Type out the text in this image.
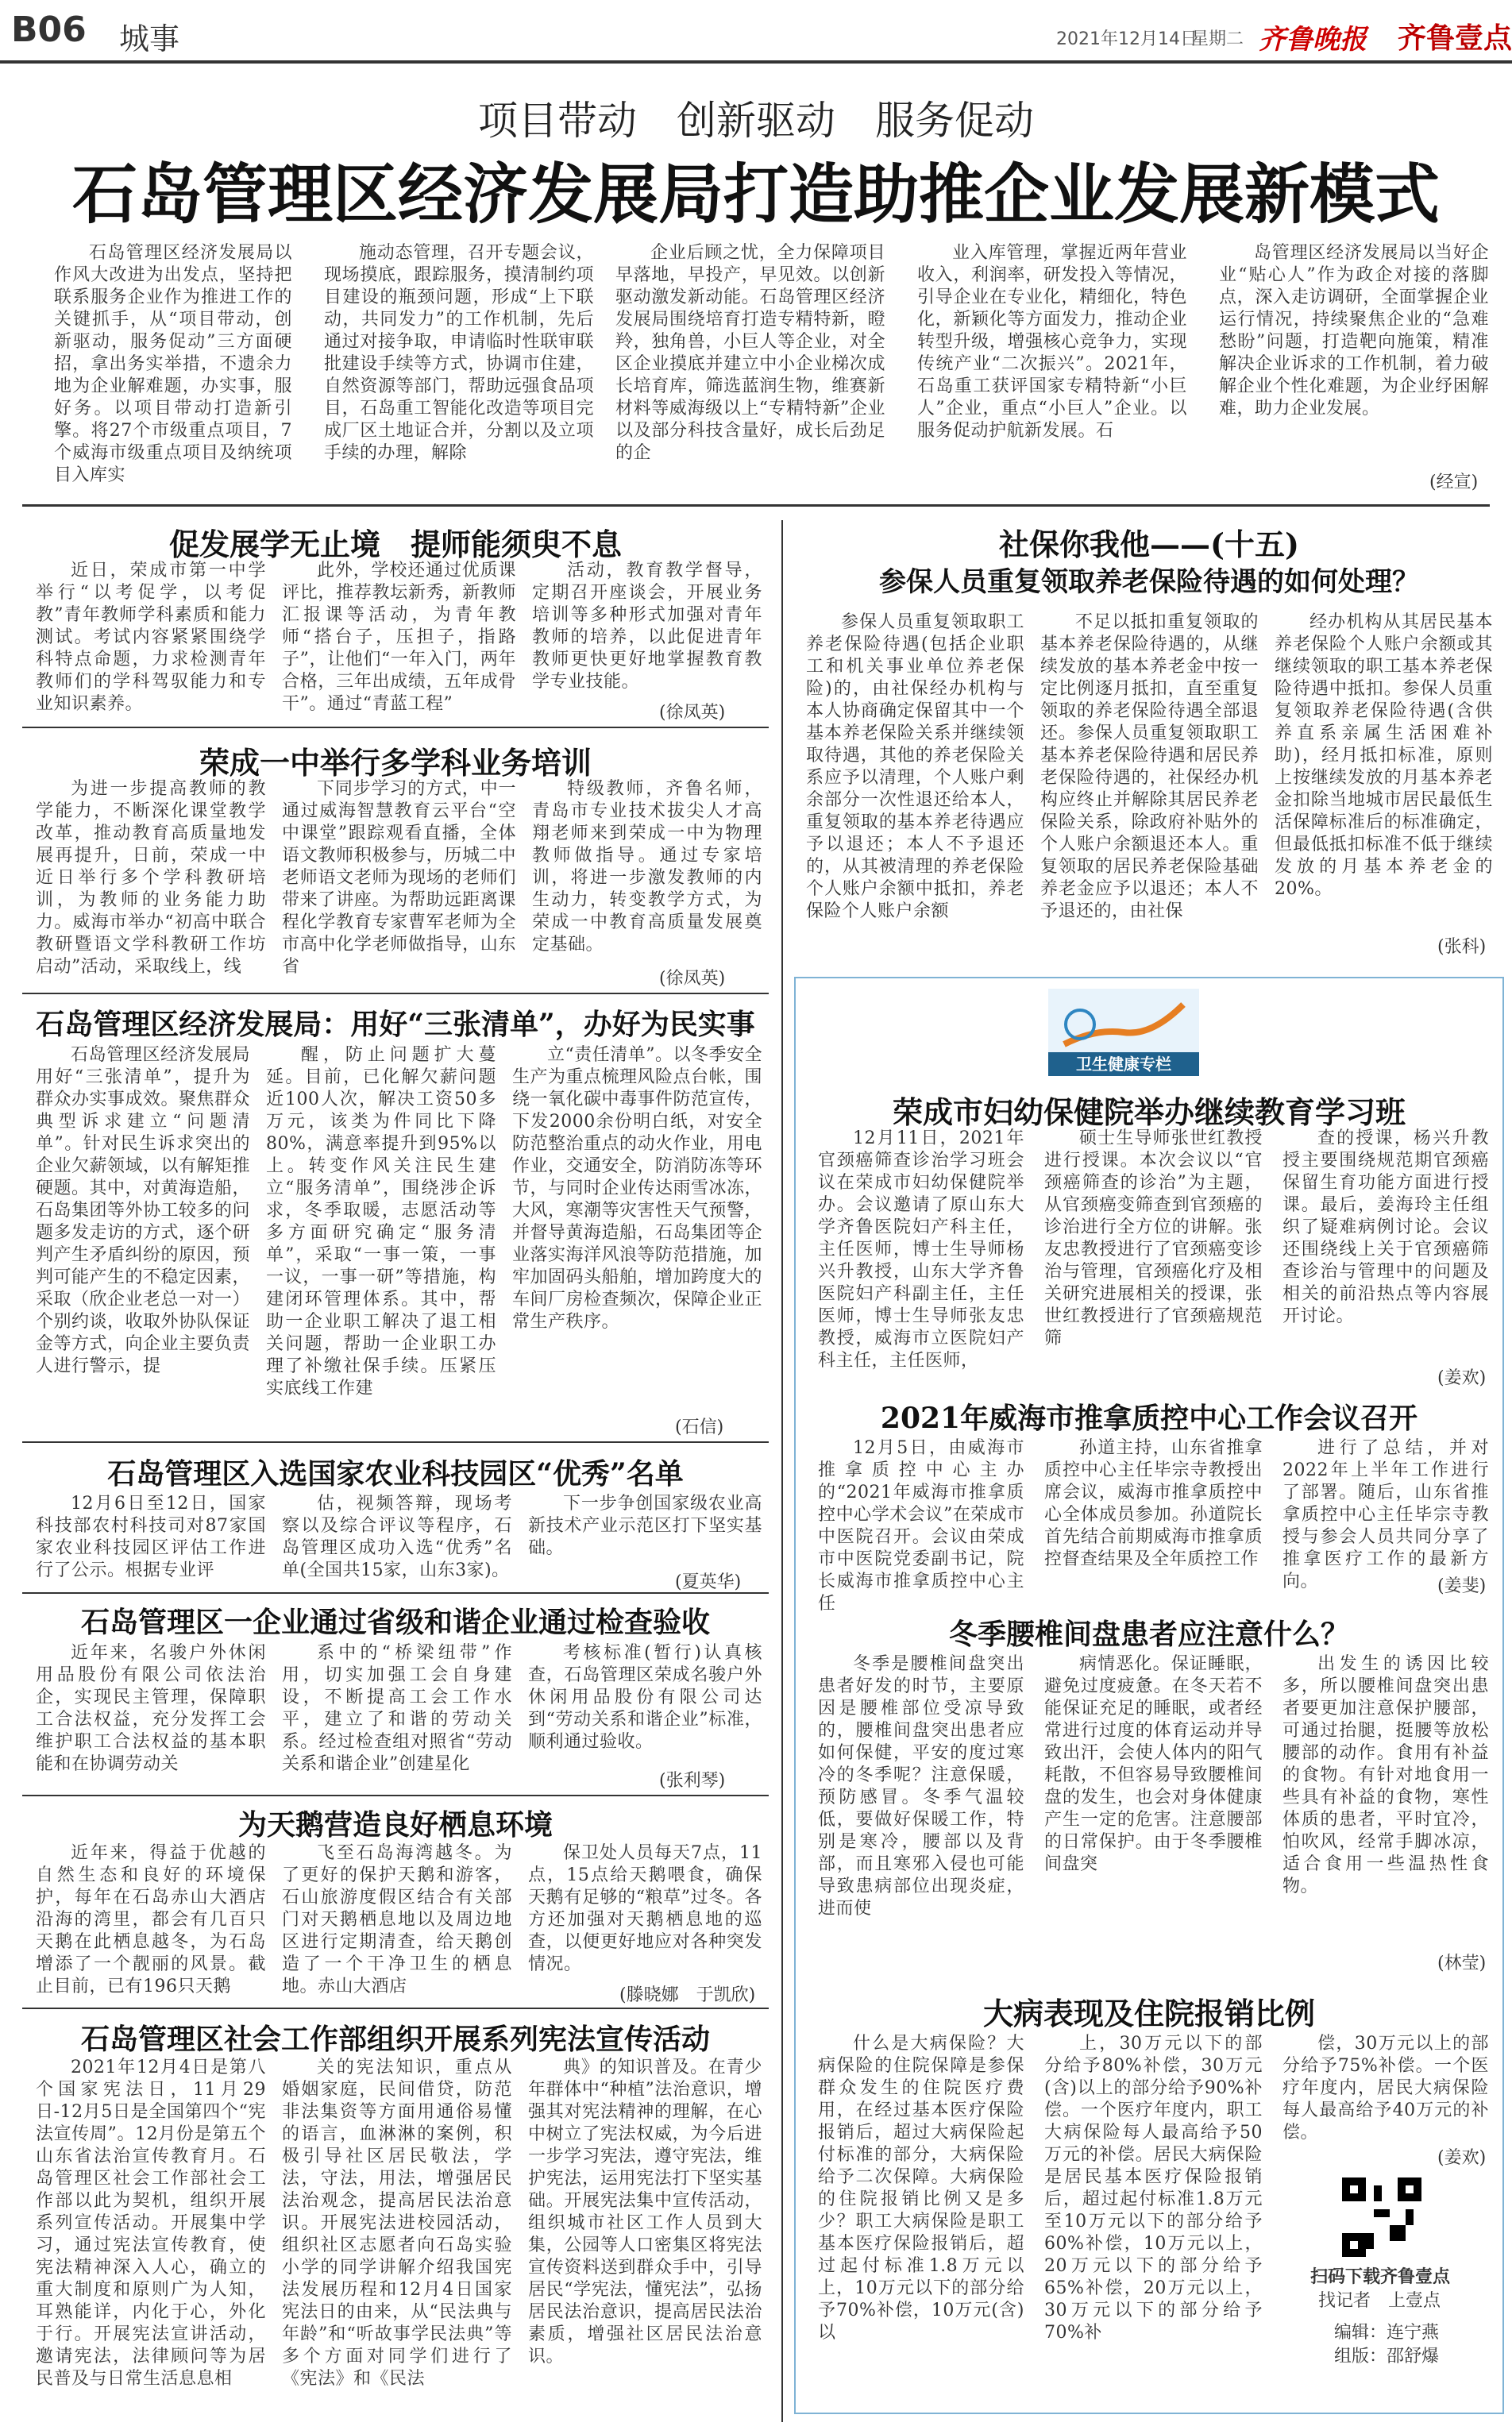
B06 城事	2021年12月14日
星期二 齐鲁晚报 齐鲁壹点
项目带动　创新驱动　服务促动
石岛管理区经济发展局打造助推企业发展新模式

石岛管理区经济发展局以作风大改进为出发点，坚持把联系服务企业作为推进工作的关键抓手，从“项目带动，创新驱动，服务促动”三方面硬招，拿出务实举措，不遗余力地为企业解难题，办实事，服好务。以项目带动打造新引擎。将27个市级重点项目，7个威海市级重点项目及纳统项目入库实

施动态管理，召开专题会议，现场摸底，跟踪服务，摸清制约项目建设的瓶颈问题，形成“上下联动，共同发力”的工作机制，先后通过对接争取，申请临时性联审联批建设手续等方式，协调市住建，自然资源等部门，帮助远强食品项目，石岛重工智能化改造等项目完成厂区土地证合并，分割以及立项手续的办理，解除

企业后顾之忧，全力保障项目早落地，早投产，早见效。以创新驱动激发新动能。石岛管理区经济发展局围绕培育打造专精特新，瞪羚，独角兽，小巨人等企业，对全区企业摸底并建立中小企业梯次成长培育库，筛选蓝润生物，维赛新材料等威海级以上“专精特新”企业以及部分科技含量好，成长后劲足的企

业入库管理，掌握近两年营业收入，利润率，研发投入等情况，引导企业在专业化，精细化，特色化，新颖化等方面发力，推动企业转型升级，增强核心竞争力，实现传统产业“二次振兴”。2021年，石岛重工获评国家专精特新“小巨人”企业，重点“小巨人”企业。以服务促动护航新发展。石

岛管理区经济发展局以当好企业“贴心人”作为政企对接的落脚点，深入走访调研，全面掌握企业运行情况，持续聚焦企业的“急难愁盼”问题，打造靶向施策，精准解决企业诉求的工作机制，着力破解企业个性化难题，为企业纾困解难，助力企业发展。

(经宣)
促发展学无止境　提师能须臾不息

近日，荣成市第一中学举行“以考促学，以考促教”青年教师学科素质和能力测试。考试内容紧紧围绕学科特点命题，力求检测青年教师们的学科驾驭能力和专业知识素养。

此外，学校还通过优质课评比，推荐教坛新秀，新教师汇报课等活动，为青年教师“搭台子，压担子，指路子”，让他们“一年入门，两年合格，三年出成绩，五年成骨干”。通过“青蓝工程”

活动，教育教学督导，定期召开座谈会，开展业务培训等多种形式加强对青年教师的培养，以此促进青年教师更快更好地掌握教育教学专业技能。

(徐凤英)
荣成一中举行多学科业务培训

为进一步提高教师的教学能力，不断深化课堂教学改革，推动教育高质量地发展再提升，日前，荣成一中近日举行多个学科教研培训，为教师的业务能力助力。威海市举办“初高中联合教研暨语文学科教研工作坊启动”活动，采取线上，线

下同步学习的方式，中一通过威海智慧教育云平台“空中课堂”跟踪观看直播，全体语文教师积极参与，历城二中老师语文老师为现场的老师们带来了讲座。为帮助远距离课程化学教育专家曹军老师为全市高中化学老师做指导，山东省

特级教师，齐鲁名师，青岛市专业技术拔尖人才高翔老师来到荣成一中为物理教师做指导。通过专家培训，将进一步激发教师的内生动力，转变教学方式，为荣成一中教育高质量发展奠定基础。

(徐凤英)
石岛管理区经济发展局：用好“三张清单”，办好为民实事

石岛管理区经济发展局用好“三张清单”，提升为群众办实事成效。聚焦群众典型诉求建立“问题清单”。针对民生诉求突出的企业欠薪领域，以有解矩推硬题。其中，对黄海造船，石岛集团等外协工较多的问题多发走访的方式，逐个研判产生矛盾纠纷的原因，预判可能产生的不稳定因素，采取（欣企业老总一对一）个别约谈，收取外协队保证金等方式，向企业主要负责人进行警示，提

醒，防止问题扩大蔓延。目前，已化解欠薪问题近100人次，解决工资50多万元，该类为件同比下降80%，满意率提升到95%以上。转变作风关注民生建立“服务清单”，围绕涉企诉求，冬季取暖，志愿活动等多方面研究确定“服务清单”，采取“一事一策，一事一议，一事一研”等措施，构建闭环管理体系。其中，帮助一企业职工解决了退工相关问题，帮助一企业职工办理了补缴社保手续。压紧压实底线工作建

立“责任清单”。以冬季安全生产为重点梳理风险点台帐，围绕一氧化碳中毒事件防范宣传，下发2000余份明白纸，对安全防范整治重点的动火作业，用电作业，交通安全，防消防冻等环节，与同时企业传达雨雪冰冻，大风，寒潮等灾害性天气预警，并督导黄海造船，石岛集团等企业落实海洋风浪等防范措施，加牢加固码头船舶，增加跨度大的车间厂房检查频次，保障企业正常生产秩序。

(石信)
石岛管理区入选国家农业科技园区“优秀”名单

12月6日至12日，国家科技部农村科技司对87家国家农业科技园区评估工作进行了公示。根据专业评

估，视频答辩，现场考察以及综合评议等程序，石岛管理区成功入选“优秀”名单(全国共15家，山东3家)。

下一步争创国家级农业高新技术产业示范区打下坚实基础。

(夏英华)
石岛管理区一企业通过省级和谐企业通过检查验收

近年来，名骏户外休闲用品股份有限公司依法治企，实现民主管理，保障职工合法权益，充分发挥工会维护职工合法权益的基本职能和在协调劳动关

系中的“桥梁纽带”作用，切实加强工会自身建设，不断提高工会工作水平，建立了和谐的劳动关系。经过检查组对照省“劳动关系和谐企业”创建星化

考核标准(暂行)认真核查，石岛管理区荣成名骏户外休闲用品股份有限公司达到“劳动关系和谐企业”标准，顺利通过验收。

(张利琴)
为天鹅营造良好栖息环境

近年来，得益于优越的自然生态和良好的环境保护，每年在石岛赤山大酒店沿海的湾里，都会有几百只天鹅在此栖息越冬，为石岛增添了一个靓丽的风景。截止目前，已有196只天鹅

飞至石岛海湾越冬。为了更好的保护天鹅和游客，石山旅游度假区结合有关部门对天鹅栖息地以及周边地区进行定期清查，给天鹅创造了一个干净卫生的栖息地。赤山大酒店

保卫处人员每天7点，11点，15点给天鹅喂食，确保天鹅有足够的“粮草”过冬。各方还加强对天鹅栖息地的巡查，以便更好地应对各种突发情况。

(滕晓娜　于凯欣)
石岛管理区社会工作部组织开展系列宪法宣传活动

2021年12月4日是第八个国家宪法日，11月29日-12月5日是全国第四个“宪法宣传周”。12月份是第五个山东省法治宣传教育月。石岛管理区社会工作部社会工作部以此为契机，组织开展系列宣传活动。开展集中学习，通过宪法宣传教育，使宪法精神深入人心，确立的重大制度和原则广为人知，耳熟能详，内化于心，外化于行。开展宪法宣讲活动，邀请宪法，法律顾问等为居民普及与日常生活息息相

关的宪法知识，重点从婚姻家庭，民间借贷，防范非法集资等方面用通俗易懂的语言，血淋淋的案例，积极引导社区居民敬法，学法，守法，用法，增强居民法治观念，提高居民法治意识。开展宪法进校园活动，组织社区志愿者向石岛实验小学的同学讲解介绍我国宪法发展历程和12月4日国家宪法日的由来，从“民法典与年龄”和“听故事学民法典”等多个方面对同学们进行了《宪法》和《民法

典》的知识普及。在青少年群体中“种植”法治意识，增强其对宪法精神的理解，在心中树立了宪法权威，为今后进一步学习宪法，遵守宪法，维护宪法，运用宪法打下坚实基础。开展宪法集中宣传活动，组织城市社区工作人员到大集，公园等人口密集区将宪法宣传资料送到群众手中，引导居民“学宪法，懂宪法”，弘扬居民法治意识，提高居民法治素质，增强社区居民法治意识。

社保你我他——(十五)
参保人员重复领取养老保险待遇的如何处理？

参保人员重复领取职工养老保险待遇(包括企业职工和机关事业单位养老保险)的，由社保经办机构与本人协商确定保留其中一个基本养老保险关系并继续领取待遇，其他的养老保险关系应予以清理，个人账户剩余部分一次性退还给本人，重复领取的基本养老待遇应予以退还；本人不予退还的，从其被清理的养老保险个人账户余额中抵扣，养老保险个人账户余额

不足以抵扣重复领取的基本养老保险待遇的，从继续发放的基本养老金中按一定比例逐月抵扣，直至重复领取的养老保险待遇全部退还。参保人员重复领取职工基本养老保险待遇和居民养老保险待遇的，社保经办机构应终止并解除其居民养老保险关系，除政府补贴外的个人账户余额退还本人。重复领取的居民养老保险基础养老金应予以退还；本人不予退还的，由社保

经办机构从其居民基本养老保险个人账户余额或其继续领取的职工基本养老保险待遇中抵扣。参保人员重复领取养老保险待遇(含供养直系亲属生活困难补助)，经月抵扣标准，原则上按继续发放的月基本养老金扣除当地城市居民最低生活保障标准后的标准确定，但最低抵扣标准不低于继续发放的月基本养老金的20%。

(张科)
卫生健康专栏
荣成市妇幼保健院举办继续教育学习班

12月11日，2021年官颈癌筛查诊治学习班会议在荣成市妇幼保健院举办。会议邀请了原山东大学齐鲁医院妇产科主任，主任医师，博士生导师杨兴升教授，山东大学齐鲁医院妇产科副主任，主任医师，博士生导师张友忠教授，威海市立医院妇产科主任，主任医师，

硕士生导师张世红教授进行授课。本次会议以“官颈癌筛查的诊治”为主题，从官颈癌变筛查到官颈癌的诊治进行全方位的讲解。张友忠教授进行了官颈癌变诊治与管理，官颈癌化疗及相关研究进展相关的授课，张世红教授进行了官颈癌规范筛

查的授课，杨兴升教授主要围绕规范期官颈癌保留生育功能方面进行授课。最后，姜海玲主任组织了疑难病例讨论。会议还围绕线上关于官颈癌筛查诊治与管理中的问题及相关的前沿热点等内容展开讨论。

(姜欢)
2021年威海市推拿质控中心工作会议召开

12月5日，由威海市推拿质控中心主办的“2021年威海市推拿质控中心学术会议”在荣成市中医院召开。会议由荣成市中医院党委副书记，院长威海市推拿质控中心主任

孙道主持，山东省推拿质控中心主任毕宗寺教授出席会议，威海市推拿质控中心全体成员参加。孙道院长首先结合前期威海市推拿质控督查结果及全年质控工作

进行了总结，并对2022年上半年工作进行了部署。随后，山东省推拿质控中心主任毕宗寺教授与参会人员共同分享了推拿医疗工作的最新方向。	(姜斐)
冬季腰椎间盘患者应注意什么？

冬季是腰椎间盘突出患者好发的时节，主要原因是腰椎部位受凉导致的，腰椎间盘突出患者应如何保健，平安的度过寒冷的冬季呢？注意保暖，预防感冒。冬季气温较低，要做好保暖工作，特别是寒冷，腰部以及背部，而且寒邪入侵也可能导致患病部位出现炎症，进而使

病情恶化。保证睡眠，避免过度疲惫。在冬天若不能保证充足的睡眠，或者经常进行过度的体育运动并导致出汗，会使人体内的阳气耗散，不但容易导致腰椎间盘的发生，也会对身体健康产生一定的危害。注意腰部的日常保护。由于冬季腰椎间盘突

出发生的诱因比较多，所以腰椎间盘突出患者要更加注意保护腰部，可通过抬腿，挺腰等放松腰部的动作。食用有补益的食物。有针对地食用一些具有补益的食物，寒性体质的患者，平时宜冷，怕吹风，经常手脚冰凉，适合食用一些温热性食物。

(林莹)
大病表现及住院报销比例

什么是大病保险？大病保险的住院保障是参保群众发生的住院医疗费用，在经过基本医疗保险报销后，超过大病保险起付标准的部分，大病保险给予二次保障。大病保险的住院报销比例又是多少？职工大病保险是职工基本医疗保险报销后，超过起付标准1.8万元以上，10万元以下的部分给予70%补偿，10万元(含)以

上，30万元以下的部分给予80%补偿，30万元(含)以上的部分给予90%补偿。一个医疗年度内，职工大病保险每人最高给予50万元的补偿。居民大病保险是居民基本医疗保险报销后，超过起付标准1.8万元至10万元以下的部分给予60%补偿，10万元以上，20万元以下的部分给予65%补偿，20万元以上，30万元以下的部分给予70%补

偿，30万元以上的部分给予75%补偿。一个医疗年度内，居民大病保险每人最高给予40万元的补偿。

(姜欢)
扫码下载齐鲁壹点
找记者　上壹点
编辑：连宁燕
组版：邵舒爆
